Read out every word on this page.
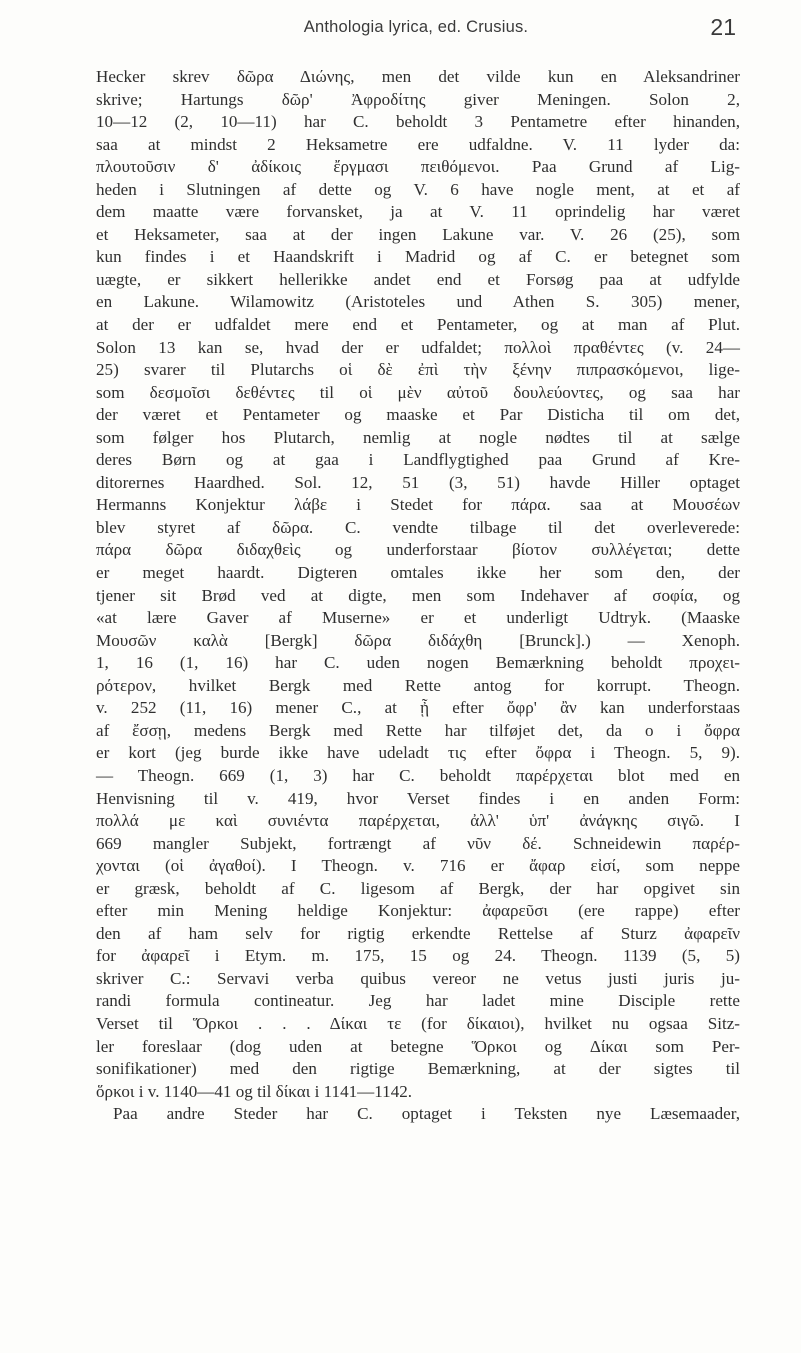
Anthologia lyrica, ed. Crusius.	21
Hecker skrev δῶρα Διώνης, men det vilde kun en Aleksandriner
skrive; Hartungs δῶρ' Ἀφροδίτης giver Meningen. Solon 2,
10—12 (2, 10—11) har C. beholdt 3 Pentametre efter hinanden,
saa at mindst 2 Heksametre ere udfaldne. V. 11 lyder da:
πλουτοῦσιν δ' ἀδίκοις ἔργμασι πειθόμενοι. Paa Grund af Lig-
heden i Slutningen af dette og V. 6 have nogle ment, at et af
dem maatte være forvansket, ja at V. 11 oprindelig har været
et Heksameter, saa at der ingen Lakune var. V. 26 (25), som
kun findes i et Haandskrift i Madrid og af C. er betegnet som
uægte, er sikkert hellerikke andet end et Forsøg paa at udfylde
en Lakune. Wilamowitz (Aristoteles und Athen S. 305) mener,
at der er udfaldet mere end et Pentameter, og at man af Plut.
Solon 13 kan se, hvad der er udfaldet; πολλοὶ πραθέντες (v. 24—
25) svarer til Plutarchs οἱ δὲ ἐπὶ τὴν ξένην πιπρασκόμενοι, lige-
som δεσμοῖσι δεθέντες til οἱ μὲν αὐτοῦ δουλεύοντες, og saa har
der været et Pentameter og maaske et Par Disticha til om det,
som følger hos Plutarch, nemlig at nogle nødtes til at sælge
deres Børn og at gaa i Landflygtighed paa Grund af Kre-
ditorernes Haardhed. Sol. 12, 51 (3, 51) havde Hiller optaget
Hermanns Konjektur λάβε i Stedet for πάρα. saa at Μουσέων
blev styret af δῶρα. C. vendte tilbage til det overleverede:
πάρα δῶρα διδαχθεὶς og underforstaar βίοτον συλλέγεται; dette
er meget haardt. Digteren omtales ikke her som den, der
tjener sit Brød ved at digte, men som Indehaver af σοφία, og
«at lære Gaver af Muserne» er et underligt Udtryk. (Maaske
Μουσῶν καλὰ [Bergk] δῶρα διδάχθη [Brunck].) — Xenoph.
1, 16 (1, 16) har C. uden nogen Bemærkning beholdt προχει-
ρότερον, hvilket Bergk med Rette antog for korrupt. Theogn.
v. 252 (11, 16) mener C., at ᾖ efter ὄφρ' ἂν kan underforstaas
af ἔσσῃ, medens Bergk med Rette har tilføjet det, da ο i ὄφρα
er kort (jeg burde ikke have udeladt τις efter ὄφρα i Theogn. 5, 9).
— Theogn. 669 (1, 3) har C. beholdt παρέρχεται blot med en
Henvisning til v. 419, hvor Verset findes i en anden Form:
πολλά με καὶ συνιέντα παρέρχεται, ἀλλ' ὑπ' ἀνάγκης σιγῶ. I
669 mangler Subjekt, fortrængt af νῦν δέ. Schneidewin παρέρ-
χονται (οἱ ἀγαθοί). I Theogn. v. 716 er ἄφαρ εἰσί, som neppe
er græsk, beholdt af C. ligesom af Bergk, der har opgivet sin
efter min Mening heldige Konjektur: ἀφαρεῦσι (ere rappe) efter
den af ham selv for rigtig erkendte Rettelse af Sturz ἀφαρεῖν
for ἀφαρεῖ i Etym. m. 175, 15 og 24. Theogn. 1139 (5, 5)
skriver C.: Servavi verba quibus vereor ne vetus justi juris ju-
randi formula contineatur. Jeg har ladet mine Disciple rette
Verset til Ὅρκοι . . . Δίκαι τε (for δίκαιοι), hvilket nu ogsaa Sitz-
ler foreslaar (dog uden at betegne Ὅρκοι og Δίκαι som Per-
sonifikationer) med den rigtige Bemærkning, at der sigtes til
ὅρκοι i v. 1140—41 og til δίκαι i 1141—1142.
Paa andre Steder har C. optaget i Teksten nye Læsemaader,
